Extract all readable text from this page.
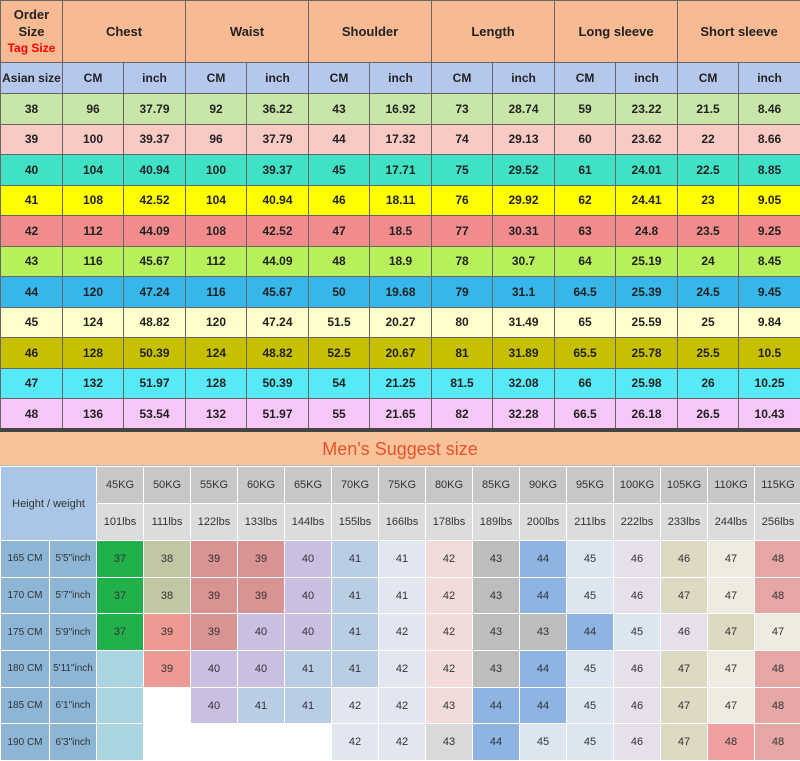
Order Size
Tag Size	Chest		Waist		Shoulder		Length		Long sleeve		Short sleeve	
Asian size	CM	inch	CM	inch	CM	inch	CM	inch	CM	inch	CM	inch
38	96	37.79	92	36.22	43	16.92	73	28.74	59	23.22	21.5	8.46
39	100	39.37	96	37.79	44	17.32	74	29.13	60	23.62	22	8.66
40	104	40.94	100	39.37	45	17.71	75	29.52	61	24.01	22.5	8.85
41	108	42.52	104	40.94	46	18.11	76	29.92	62	24.41	23	9.05
42	112	44.09	108	42.52	47	18.5	77	30.31	63	24.8	23.5	9.25
43	116	45.67	112	44.09	48	18.9	78	30.7	64	25.19	24	8.45
44	120	47.24	116	45.67	50	19.68	79	31.1	64.5	25.39	24.5	9.45
45	124	48.82	120	47.24	51.5	20.27	80	31.49	65	25.59	25	9.84
46	128	50.39	124	48.82	52.5	20.67	81	31.89	65.5	25.78	25.5	10.5
47	132	51.97	128	50.39	54	21.25	81.5	32.08	66	25.98	26	10.25
48	136	53.54	132	51.97	55	21.65	82	32.28	66.5	26.18	26.5	10.43
Men's Suggest size
Height / weight		45KG	50KG	55KG	60KG	65KG	70KG	75KG	80KG	85KG	90KG	95KG	100KG	105KG	110KG	115KG
		101lbs	111lbs	122lbs	133lbs	144lbs	155lbs	166lbs	178lbs	189lbs	200lbs	211lbs	222lbs	233lbs	244lbs	256lbs
165 CM	5'5"inch	37	38	39	39	40	41	41	42	43	44	45	46	46	47	48
170 CM	5'7"inch	37	38	39	39	40	41	41	42	43	44	45	46	47	47	48
175 CM	5'9"inch	37	39	39	40	40	41	42	42	43	43	44	45	46	47	47
180 CM	5'11"inch		39	40	40	41	41	42	42	43	44	45	46	47	47	48
185 CM	6'1"inch			40	41	41	42	42	43	44	44	45	46	47	47	48
190 CM	6'3"inch						42	42	43	44	45	45	46	47	48	48
